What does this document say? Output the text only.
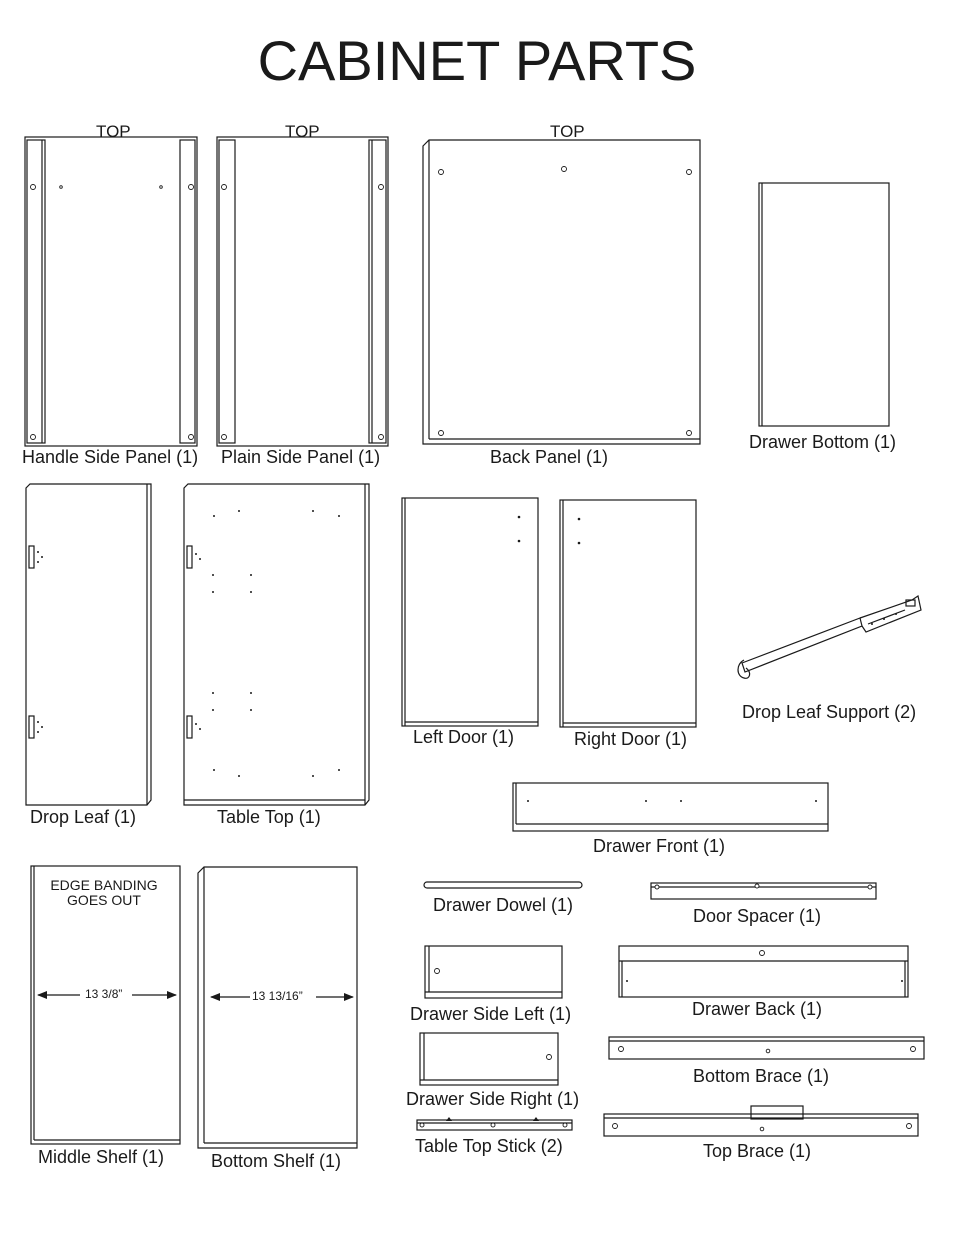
CABINET PARTS
TOP	TOP	TOP
Handle Side Panel (1) Plain Side Panel (1)	Back Panel (1)
Drawer Bottom (1)
Drop Leaf (1)	Table Top (1)
Left Door (1)	Right Door (1)
Drop Leaf Support (2)
Drawer Front (1)
Middle Shelf (1)	Bottom Shelf (1)
Drawer Dowel (1)
Door Spacer (1)
Drawer Side Left (1)	Drawer Back (1)
Drawer Side Right (1)
Bottom Brace (1)
Table Top Stick (2)	Top Brace (1)
EDGE BANDING
GOES OUT
13 3/8”	13 13/16”
